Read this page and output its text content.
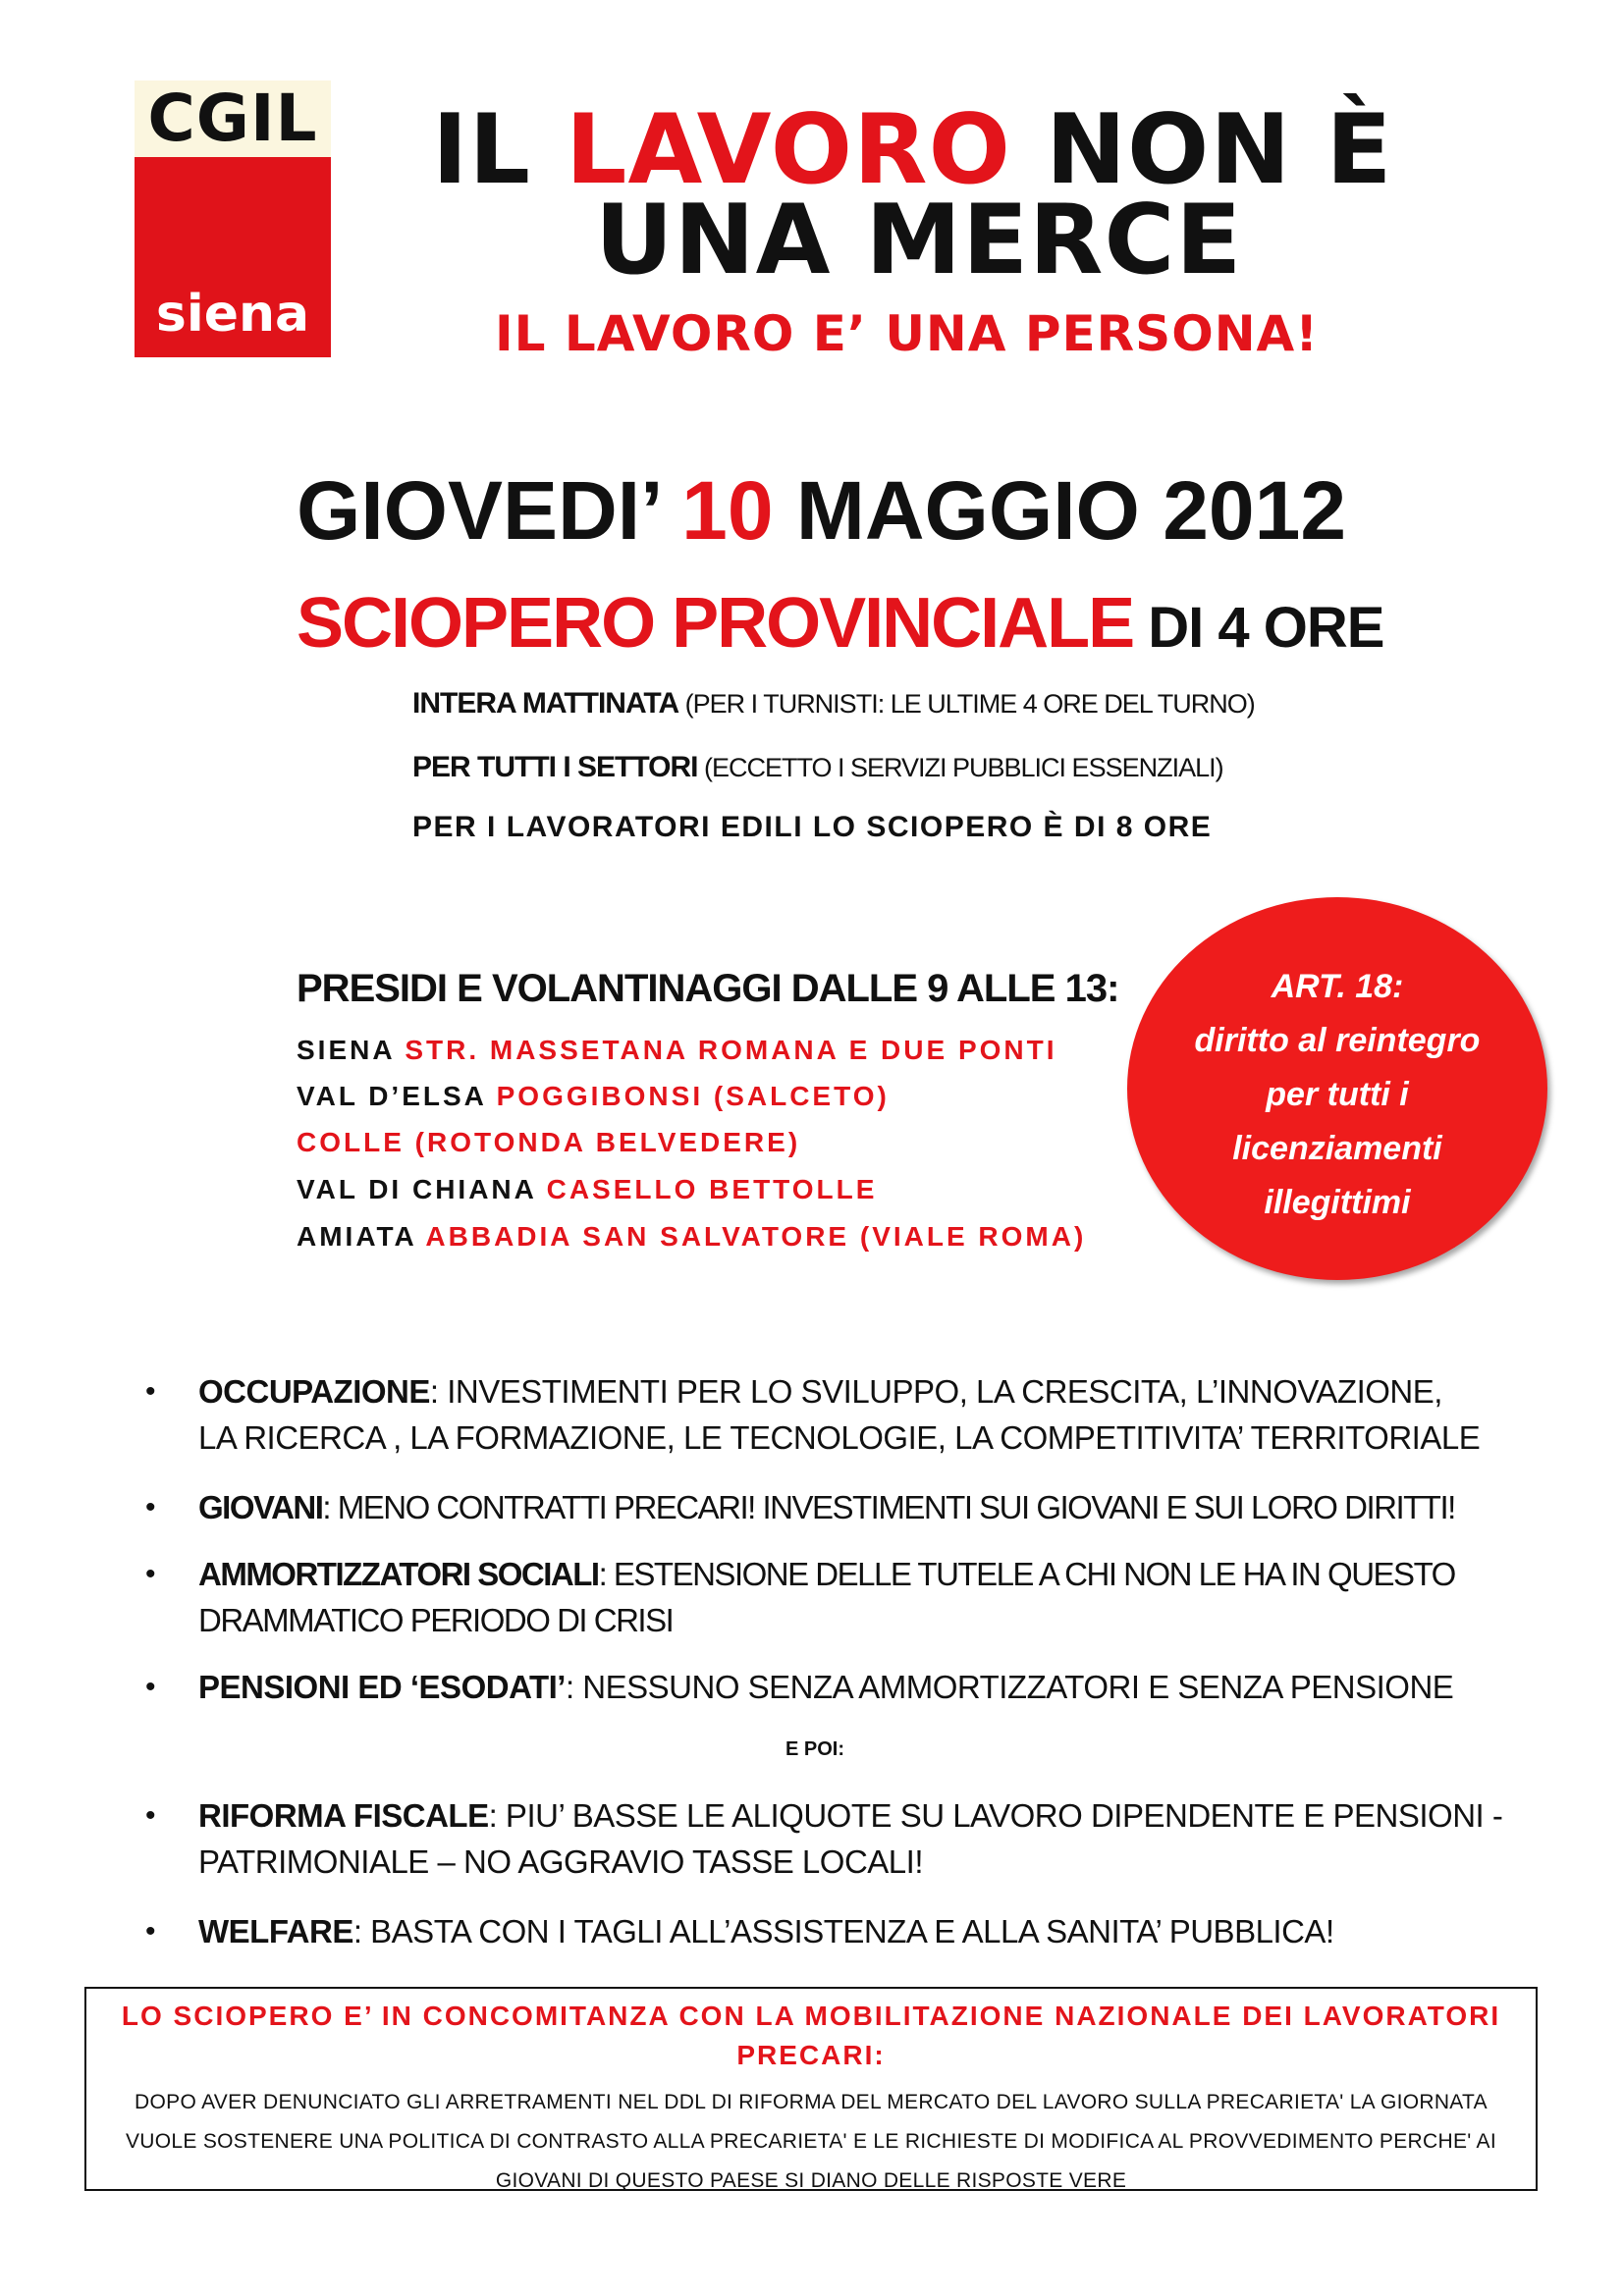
CGIL
siena
IL LAVORO NON È
UNA MERCE
IL LAVORO E’ UNA PERSONA!
GIOVEDI’ 10 MAGGIO 2012
SCIOPERO PROVINCIALE DI 4 ORE
INTERA MATTINATA (PER I TURNISTI: LE ULTIME 4 ORE DEL TURNO)
PER TUTTI I SETTORI (ECCETTO I SERVIZI PUBBLICI ESSENZIALI)
PER I LAVORATORI EDILI LO SCIOPERO È DI 8 ORE
PRESIDI E VOLANTINAGGI DALLE 9 ALLE 13:
SIENA STR. MASSETANA ROMANA E DUE PONTI
VAL D’ELSA POGGIBONSI (SALCETO)
COLLE (ROTONDA BELVEDERE)
VAL DI CHIANA CASELLO BETTOLLE
AMIATA ABBADIA SAN SALVATORE (VIALE ROMA)
ART. 18:
diritto al reintegro
per tutti i
licenziamenti
illegittimi
• OCCUPAZIONE: INVESTIMENTI PER LO SVILUPPO, LA CRESCITA, L’INNOVAZIONE,
LA RICERCA , LA FORMAZIONE, LE TECNOLOGIE, LA COMPETITIVITA’ TERRITORIALE
• GIOVANI: MENO CONTRATTI PRECARI! INVESTIMENTI SUI GIOVANI E SUI LORO DIRITTI!
• AMMORTIZZATORI SOCIALI: ESTENSIONE DELLE TUTELE A CHI NON LE HA IN QUESTO
DRAMMATICO PERIODO DI CRISI
• PENSIONI ED ‘ESODATI’: NESSUNO SENZA AMMORTIZZATORI E SENZA PENSIONE
E POI:
• RIFORMA FISCALE: PIU’ BASSE LE ALIQUOTE SU LAVORO DIPENDENTE E PENSIONI -
PATRIMONIALE – NO AGGRAVIO TASSE LOCALI!
• WELFARE: BASTA CON I TAGLI ALL’ASSISTENZA E ALLA SANITA’ PUBBLICA!
LO SCIOPERO E’ IN CONCOMITANZA CON LA MOBILITAZIONE NAZIONALE DEI LAVORATORI PRECARI:
DOPO AVER DENUNCIATO GLI ARRETRAMENTI NEL DDL DI RIFORMA DEL MERCATO DEL LAVORO SULLA PRECARIETA' LA GIORNATA VUOLE SOSTENERE UNA POLITICA DI CONTRASTO ALLA PRECARIETA' E LE RICHIESTE DI MODIFICA AL PROVVEDIMENTO PERCHE' AI GIOVANI DI QUESTO PAESE SI DIANO DELLE RISPOSTE VERE
